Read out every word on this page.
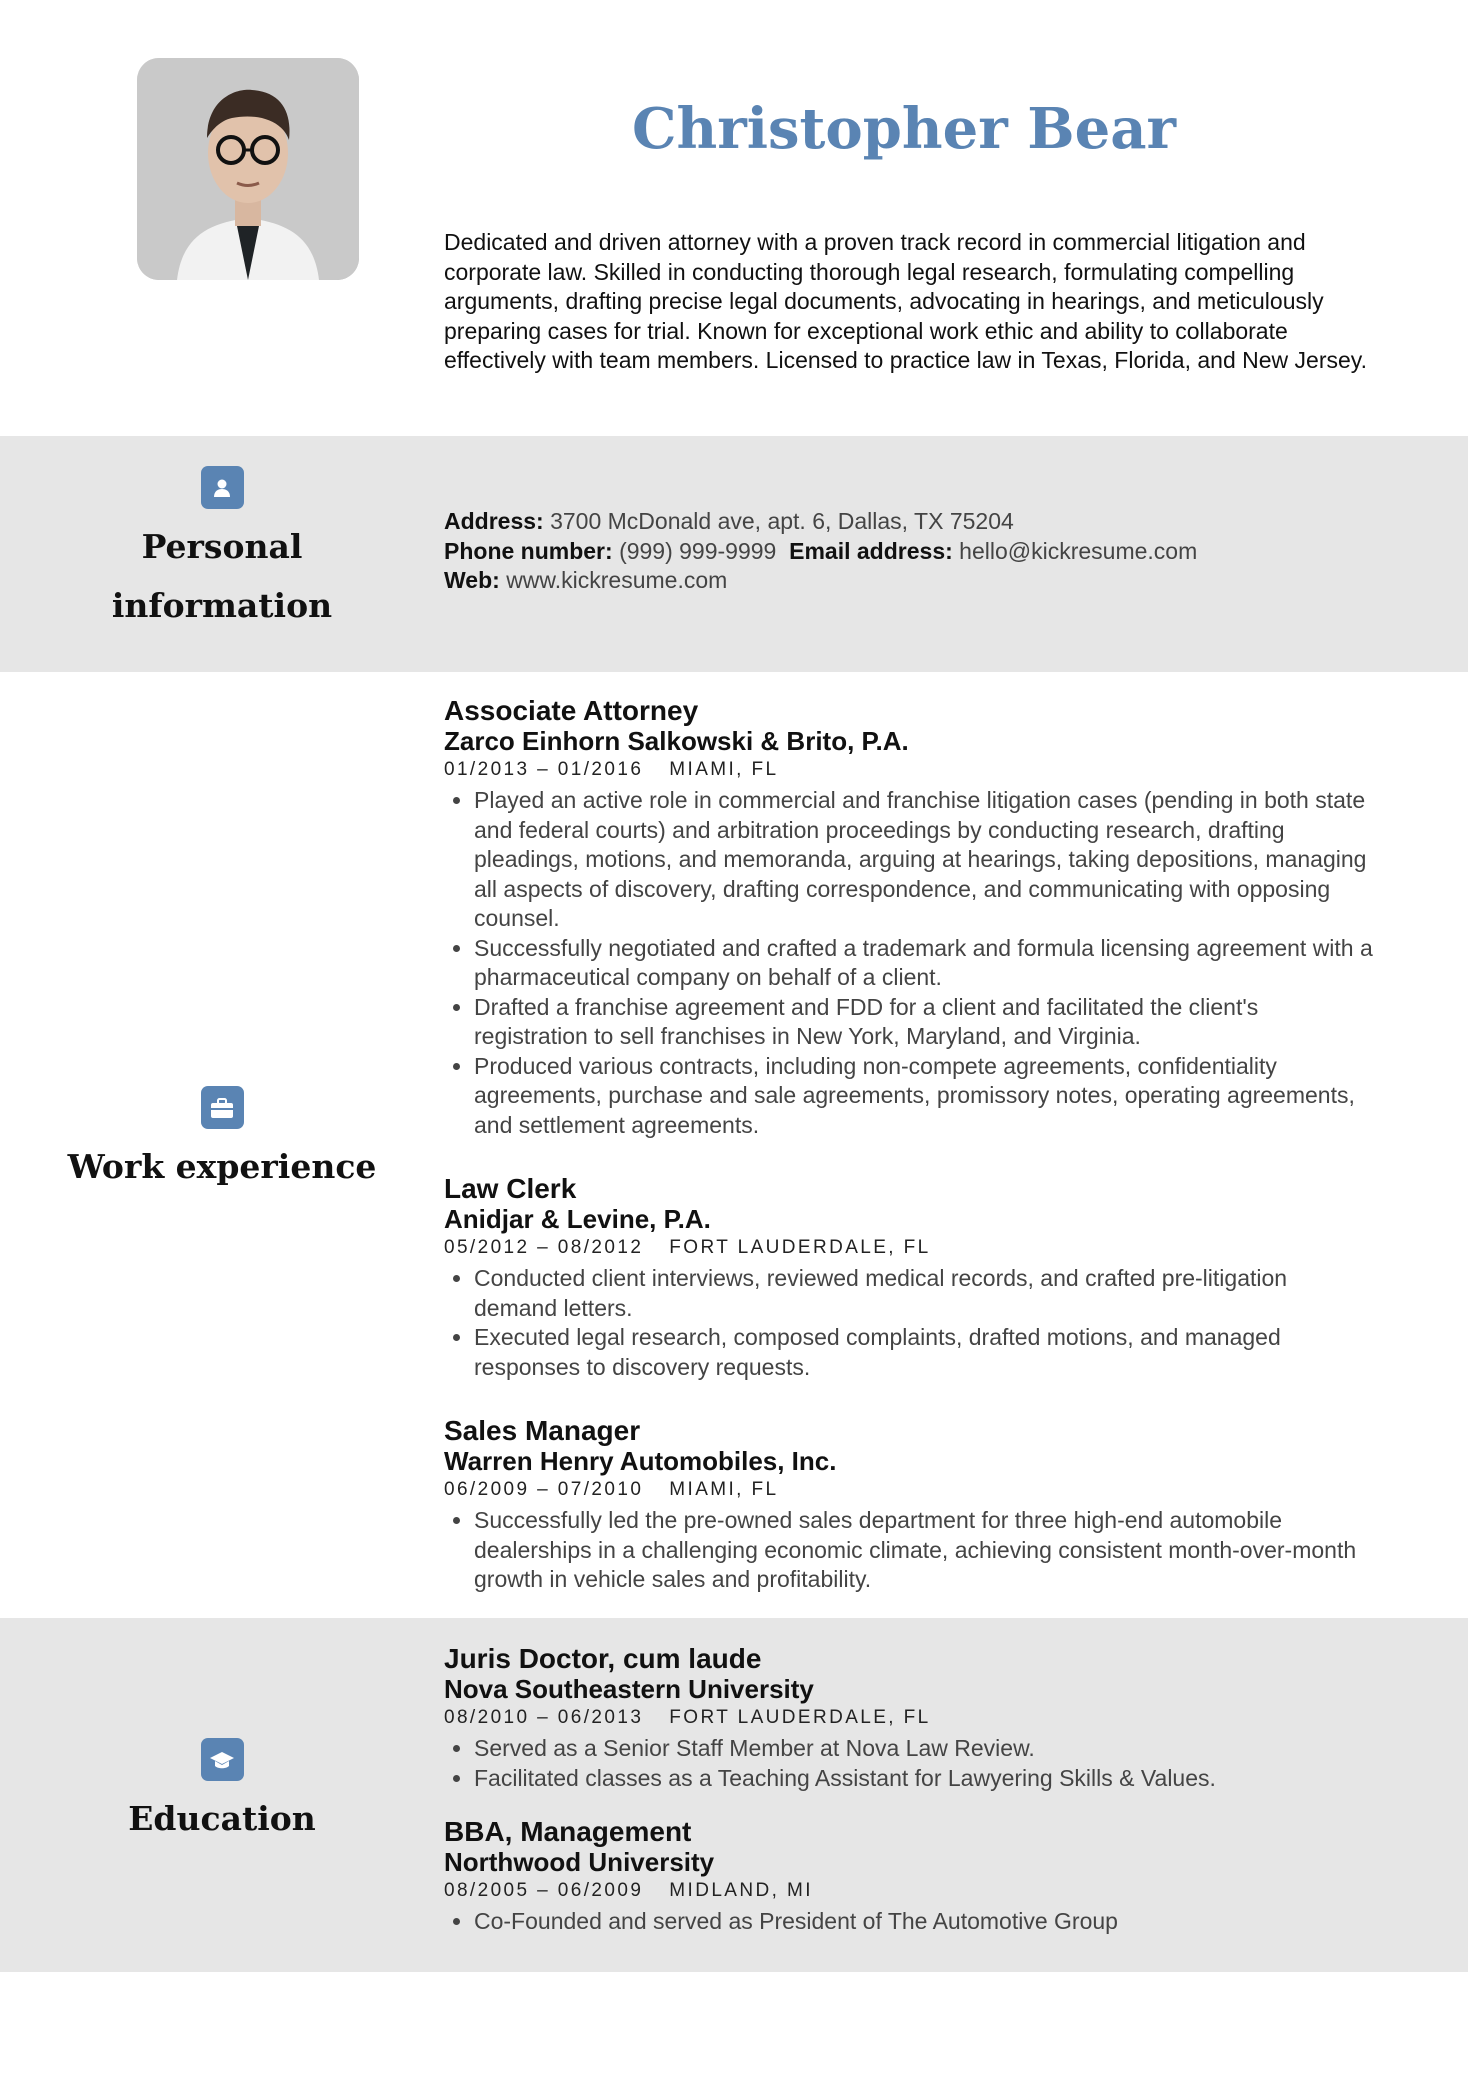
Christopher Bear

Dedicated and driven attorney with a proven track record in commercial litigation and corporate law. Skilled in conducting thorough legal research, formulating compelling arguments, drafting precise legal documents, advocating in hearings, and meticulously preparing cases for trial. Known for exceptional work ethic and ability to collaborate effectively with team members. Licensed to practice law in Texas, Florida, and New Jersey.

Personal information
Address: 3700 McDonald ave, apt. 6, Dallas, TX 75204
Phone number: (999) 999-9999 Email address: hello@kickresume.com
Web: www.kickresume.com
Work experience
Associate Attorney
Zarco Einhorn Salkowski & Brito, P.A.
01/2013 – 01/2016 MIAMI, FL
• Played an active role in commercial and franchise litigation cases (pending in both state and federal courts) and arbitration proceedings by conducting research, drafting pleadings, motions, and memoranda, arguing at hearings, taking depositions, managing all aspects of discovery, drafting correspondence, and communicating with opposing counsel.
• Successfully negotiated and crafted a trademark and formula licensing agreement with a pharmaceutical company on behalf of a client.
• Drafted a franchise agreement and FDD for a client and facilitated the client's registration to sell franchises in New York, Maryland, and Virginia.
• Produced various contracts, including non-compete agreements, confidentiality agreements, purchase and sale agreements, promissory notes, operating agreements, and settlement agreements.
Law Clerk
Anidjar & Levine, P.A.
05/2012 – 08/2012 FORT LAUDERDALE, FL
• Conducted client interviews, reviewed medical records, and crafted pre-litigation demand letters.
• Executed legal research, composed complaints, drafted motions, and managed responses to discovery requests.
Sales Manager
Warren Henry Automobiles, Inc.
06/2009 – 07/2010 MIAMI, FL
• Successfully led the pre-owned sales department for three high-end automobile dealerships in a challenging economic climate, achieving consistent month-over-month growth in vehicle sales and profitability.
Education
Juris Doctor, cum laude
Nova Southeastern University
08/2010 – 06/2013 FORT LAUDERDALE, FL
• Served as a Senior Staff Member at Nova Law Review.
• Facilitated classes as a Teaching Assistant for Lawyering Skills & Values.
BBA, Management
Northwood University
08/2005 – 06/2009 MIDLAND, MI
• Co-Founded and served as President of The Automotive Group
